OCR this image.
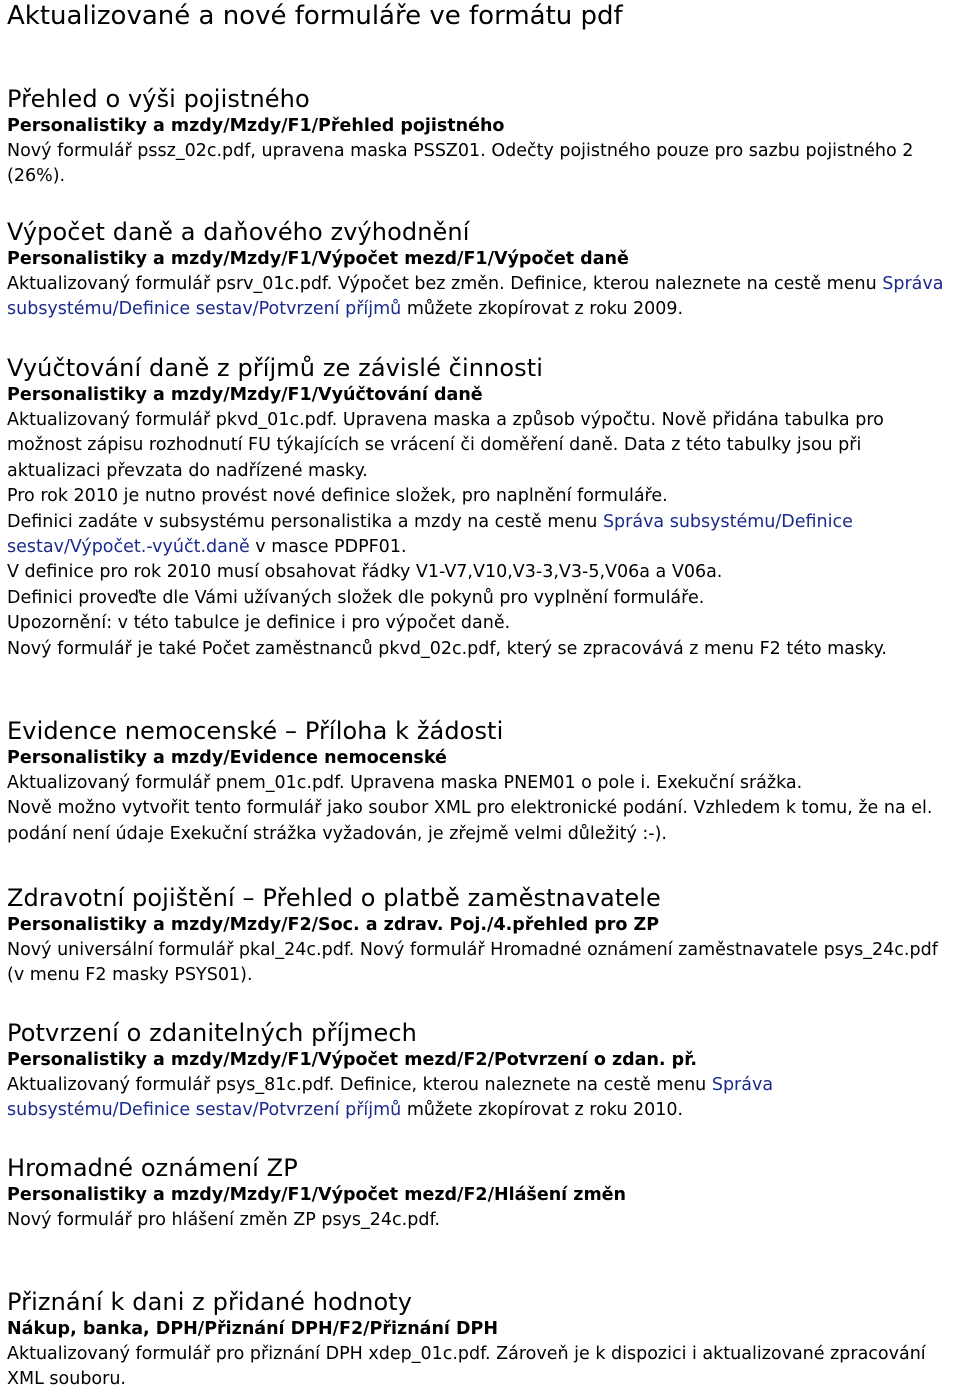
Aktualizované a nové formuláře ve formátu pdf
Přehled o výši pojistného
Personalistiky a mzdy/Mzdy/F1/Přehled pojistného

Nový formulář pssz_02c.pdf, upravena maska PSSZ01. Odečty pojistného pouze pro sazbu pojistného 2 (26%).

Výpočet daně a daňového zvýhodnění
Personalistiky a mzdy/Mzdy/F1/Výpočet mezd/F1/Výpočet daně

Aktualizovaný formulář psrv_01c.pdf. Výpočet bez změn. Definice, kterou naleznete na cestě menu Správa subsystému/Definice sestav/Potvrzení příjmů můžete zkopírovat z roku 2009.

Vyúčtování daně z příjmů ze závislé činnosti
Personalistiky a mzdy/Mzdy/F1/Vyúčtování daně

Aktualizovaný formulář pkvd_01c.pdf. Upravena maska a způsob výpočtu. Nově přidána tabulka pro možnost zápisu rozhodnutí FU týkajících se vrácení či doměření daně. Data z této tabulky jsou při aktualizaci převzata do nadřízené masky.

Pro rok 2010 je nutno provést nové definice složek, pro naplnění formuláře.

Definici zadáte v subsystému personalistika a mzdy na cestě menu Správa subsystému/Definice sestav/Výpočet.-vyúčt.daně v masce PDPF01.

V definice pro rok 2010 musí obsahovat řádky V1-V7,V10,V3-3,V3-5,V06a a V06a.

Definici proveďte dle Vámi užívaných složek dle pokynů pro vyplnění formuláře.

Upozornění: v této tabulce je definice i pro výpočet daně.

Nový formulář je také Počet zaměstnanců pkvd_02c.pdf, který se zpracovává z menu F2 této masky.

Evidence nemocenské – Příloha k žádosti
Personalistiky a mzdy/Evidence nemocenské

Aktualizovaný formulář pnem_01c.pdf. Upravena maska PNEM01 o pole i. Exekuční srážka.

Nově možno vytvořit tento formulář jako soubor XML pro elektronické podání. Vzhledem k tomu, že na el. podání není údaje Exekuční strážka vyžadován, je zřejmě velmi důležitý :-).

Zdravotní pojištění – Přehled o platbě zaměstnavatele
Personalistiky a mzdy/Mzdy/F2/Soc. a zdrav. Poj./4.přehled pro ZP

Nový universální formulář pkal_24c.pdf. Nový formulář Hromadné oznámení zaměstnavatele psys_24c.pdf (v menu F2 masky PSYS01).

Potvrzení o zdanitelných příjmech
Personalistiky a mzdy/Mzdy/F1/Výpočet mezd/F2/Potvrzení o zdan. př.

Aktualizovaný formulář psys_81c.pdf. Definice, kterou naleznete na cestě menu Správa subsystému/Definice sestav/Potvrzení příjmů můžete zkopírovat z roku 2010.

Hromadné oznámení ZP
Personalistiky a mzdy/Mzdy/F1/Výpočet mezd/F2/Hlášení změn

Nový formulář pro hlášení změn ZP psys_24c.pdf.

Přiznání k dani z přidané hodnoty
Nákup, banka, DPH/Přiznání DPH/F2/Přiznání DPH

Aktualizovaný formulář pro přiznání DPH xdep_01c.pdf. Zároveň je k dispozici i aktualizované zpracování XML souboru.
